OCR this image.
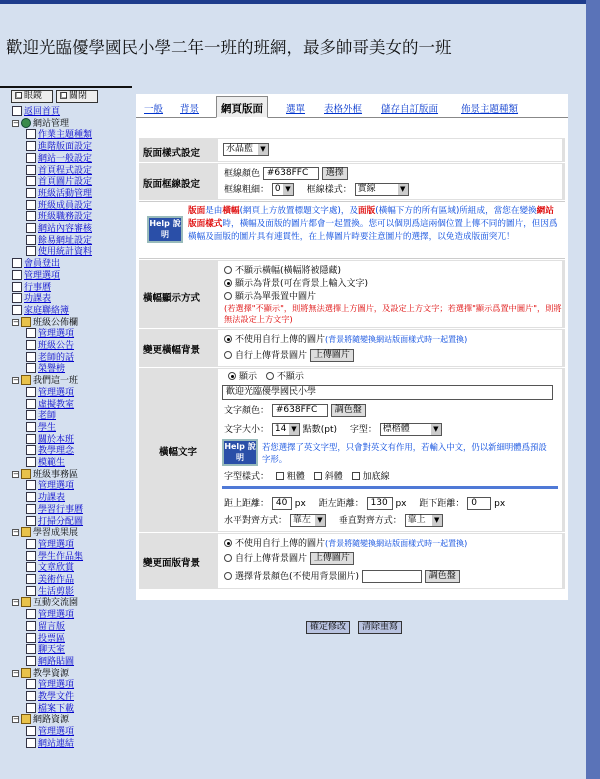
歡迎光臨優學國民小學二年一班的班網，最多帥哥美女的一班
□眼鏡	□關閉
返回首頁
− 網站管理
作業主題種類
進階版面設定
網站一般設定
首頁程式設定
首頁圖片設定
班級活動管理
班級成員設定
班級職務設定
網站內容審核
餘易網址設定
使用統計資料
會員登出
管理選項
行事曆
功課表
家庭聯絡簿
− 班級公佈欄
管理選項
班級公告
老師的話
榮譽榜
− 我們這一班
管理選項
虛擬教室
老師
學生
關於本班
教學理念
模範生
− 班級事務區
管理選項
功課表
學習行事曆
打掃分配圖
− 學習成果展
管理選項
學生作品集
文章欣賞
美術作品
生活剪影
− 互動交流園
管理選項
留言版
投票區
聊天室
網路貼圖
− 教學資源
管理選項
教學文件
檔案下載
− 網路資源
管理選項
網站連結
一般 背景	網頁版面	選單 表格外框 儲存自訂版面 佈景主題種類
版面樣式設定	水晶藍	▼
版面框線設定
框線顏色 #638FFC 選擇
框線粗細： 0 ▼ 框線樣式： 實線	▼
Help 說明
版面是由橫幅(網頁上方放置標題文字處)，及面版(橫幅下方的所有區域)所組成，當您在變換網站版面樣式時，橫幅及面版的圖片都會一起置換。您可以個別爲這兩個位置上傳不同的圖片，但因爲橫幅及面版的圖片具有連貫性，在上傳圖片時要注意圖片的選擇，以免造成版面突兀！
橫幅顯示方式
不顯示橫幅(橫幅將被隱藏)
顯示為背景(可在背景上輸入文字)
顯示為單張置中圖片
(若選擇"不顯示"，則將無法選擇上方圖片，及設定上方文字；若選擇"顯示爲置中圖片"，則將無法設定上方文字)
變更橫幅背景
不使用自行上傳的圖片(背景將隨變換網站版面樣式時一起置換)
自行上傳背景圖片 上傳圖片
橫幅文字
顯示 不顯示
歡迎光臨優學國民小學
文字顏色： #638FFC 調色盤
文字大小： 14 ▼ 點數(pt) 字型： 標楷體	▼
Help 說明
若您選擇了英文字型，只會對英文有作用，若輸入中文，仍以新細明體爲預設字形。
字型樣式： 粗體 斜體 加底線
距上距離： 40 px 距左距離： 130 px 距下距離： 0 px
水平對齊方式： 靠左 ▼ 垂直對齊方式： 靠上	▼
變更面版背景
不使用自行上傳的圖片(背景將隨變換網站版面樣式時一起置換)
自行上傳背景圖片 上傳圖片
選擇背景顏色(不使用背景圖片)	調色盤
確定修改	清除重寫
